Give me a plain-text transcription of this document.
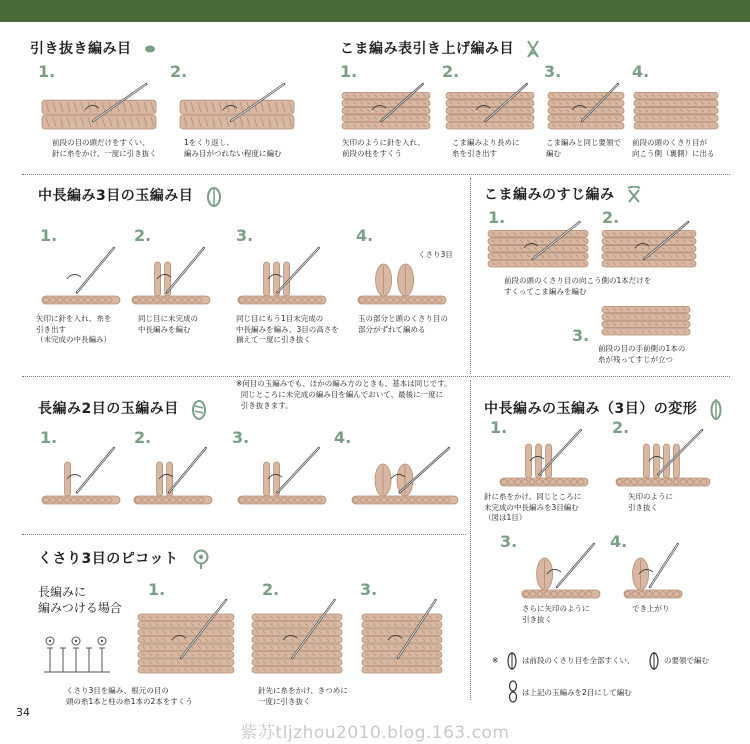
引き抜き編み目
1.
前段の目の頭だけをすくい、
針に糸をかけ、一度に引き抜く
2.
1をくり返し、
編み目がつれない程度に編む
こま編み表引き上げ編み目
1.
矢印のように針を入れ、
前段の柱をすくう
2.
こま編みより長めに
糸を引き出す
3.
こま編みと同じ要領で
編む
4.
前段の頭のくさり目が
向こう側（裏側）に出る
中長編み3目の玉編み目
1.
矢印に針を入れ、糸を
引き出す
（未完成の中長編み）
2.
同じ目に未完成の
中長編みを編む
3.
同じ目にもう1目未完成の
中長編みを編み、3目の高さを
揃えて一度に引き抜く
4.
くさり3目
玉の部分と頭のくさり目の
部分がずれて編める
こま編みのすじ編み
1.	2.
前段の頭のくさり目の向こう側の1本だけを
すくってこま編みを編む
3.
前段の目の手前側の1本の
糸が残ってすじが立つ
※何目の玉編みでも、ほかの編み方のときも、基本は同じです。
同じところに未完成の編み目を編んでおいて、最後に一度に
引き抜きます。
長編み2目の玉編み目
1.	2.	3.	4.
中長編みの玉編み（3目）の変形
1.
針に糸をかけ、同じところに
未完成の中長編みを3目編む
（図は1目）
2.
矢印のように
引き抜く
3.
さらに矢印のように
引き抜く
4.
でき上がり
※	は前段のくさり目を全部すくい、	の要領で編む
は上記の玉編みを2目にして編む
くさり3目のピコット
長編みに
編みつける場合
1.
くさり3目を編み、根元の目の
頭の糸1本と柱の糸1本の2本をすくう
2.
針先に糸をかけ、きつめに
一度に引き抜く
3.
34
紫苏tljzhou2010.blog.163.com
